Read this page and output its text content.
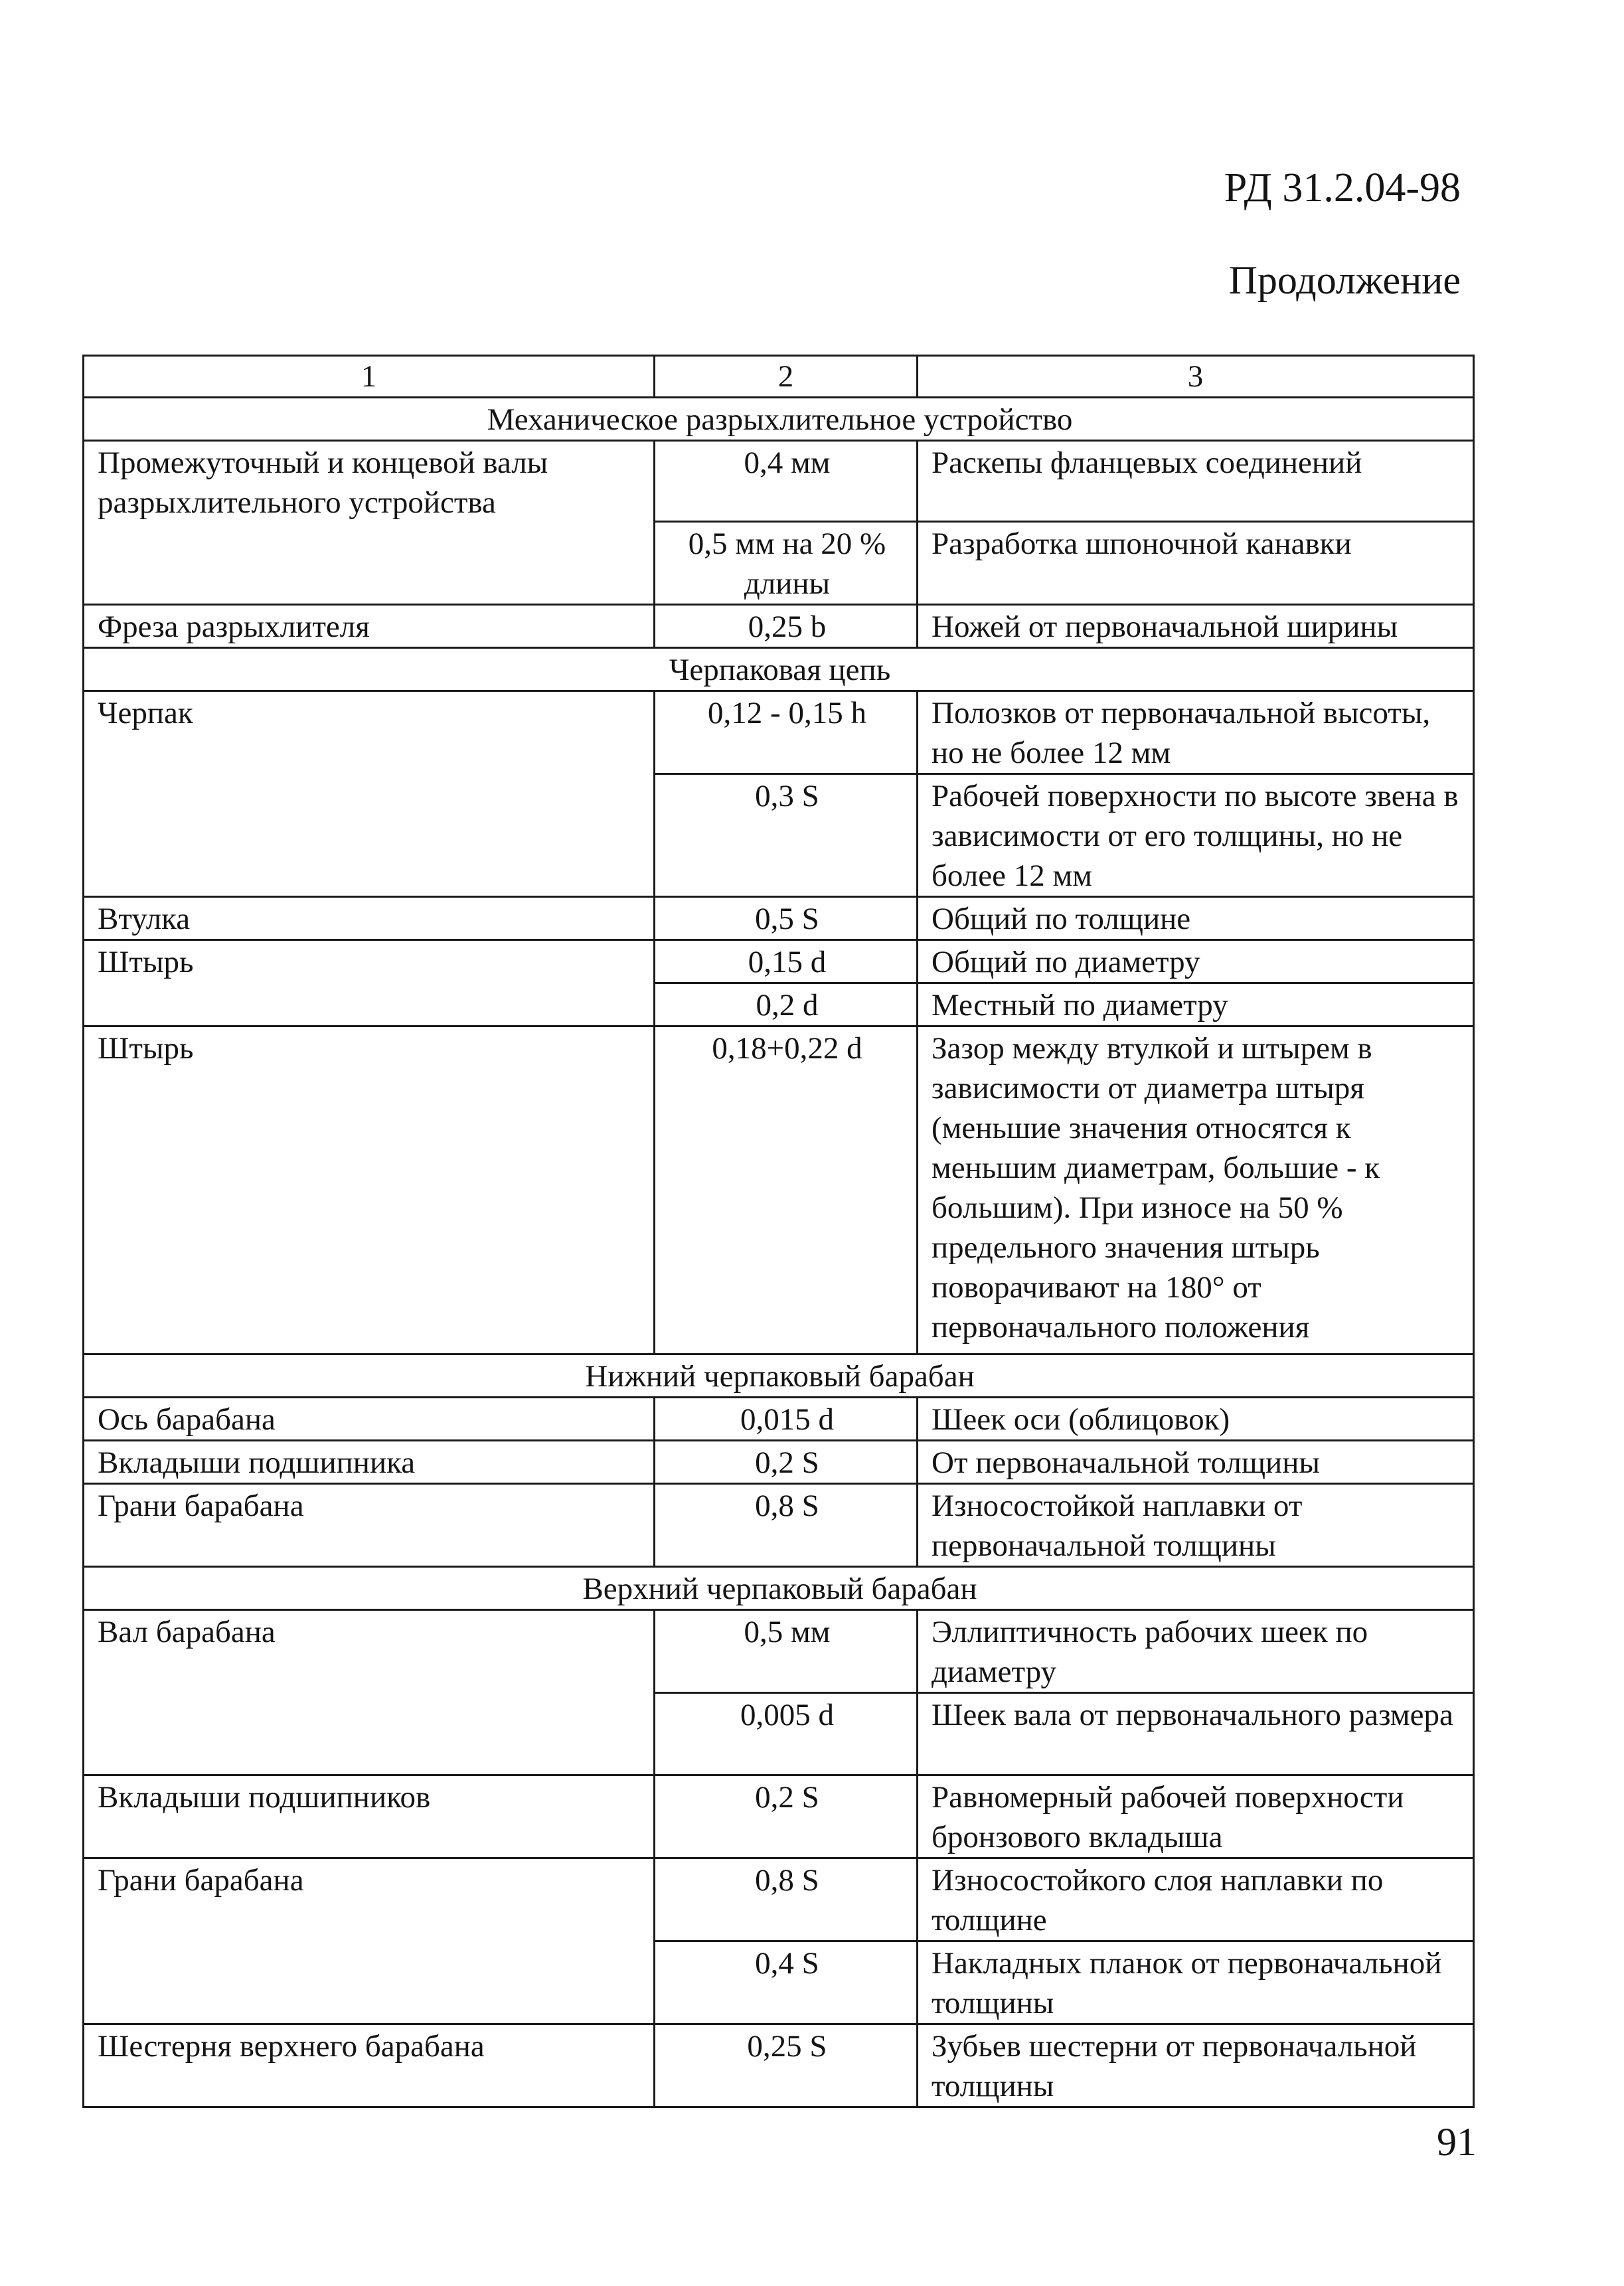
РД 31.2.04-98
Продолжение
1	2	3
Механическое разрыхлительное устройство		
Промежуточный и концевой валы разрыхлительного устройства	0,4 мм	Раскепы фланцевых соединений
	0,5 мм на 20 % длины	Разработка шпоночной канавки
Фреза разрыхлителя	0,25 b	Ножей от первоначальной ширины
Черпаковая цепь		
Черпак	0,12 - 0,15 h	Полозков от первоначальной высоты, но не более 12 мм
	0,3 S	Рабочей поверхности по высоте звена в зависимости от его толщины, но не более 12 мм
Втулка	0,5 S	Общий по толщине
Штырь	0,15 d	Общий по диаметру
	0,2 d	Местный по диаметру
Штырь	0,18+0,22 d	Зазор между втулкой и штырем в зависимости от диаметра штыря (меньшие значения относятся к меньшим диаметрам, большие - к большим). При износе на 50 % предельного значения штырь поворачивают на 180° от первоначального положения
Нижний черпаковый барабан		
Ось барабана	0,015 d	Шеек оси (облицовок)
Вкладыши подшипника	0,2 S	От первоначальной толщины
Грани барабана	0,8 S	Износостойкой наплавки от первоначальной толщины
Верхний черпаковый барабан		
Вал барабана	0,5 мм	Эллиптичность рабочих шеек по диаметру
	0,005 d	Шеек вала от первоначального размера
Вкладыши подшипников	0,2 S	Равномерный рабочей поверхности бронзового вкладыша
Грани барабана	0,8 S	Износостойкого слоя наплавки по толщине
	0,4 S	Накладных планок от первоначальной толщины
Шестерня верхнего барабана	0,25 S	Зубьев шестерни от первоначальной толщины
91
